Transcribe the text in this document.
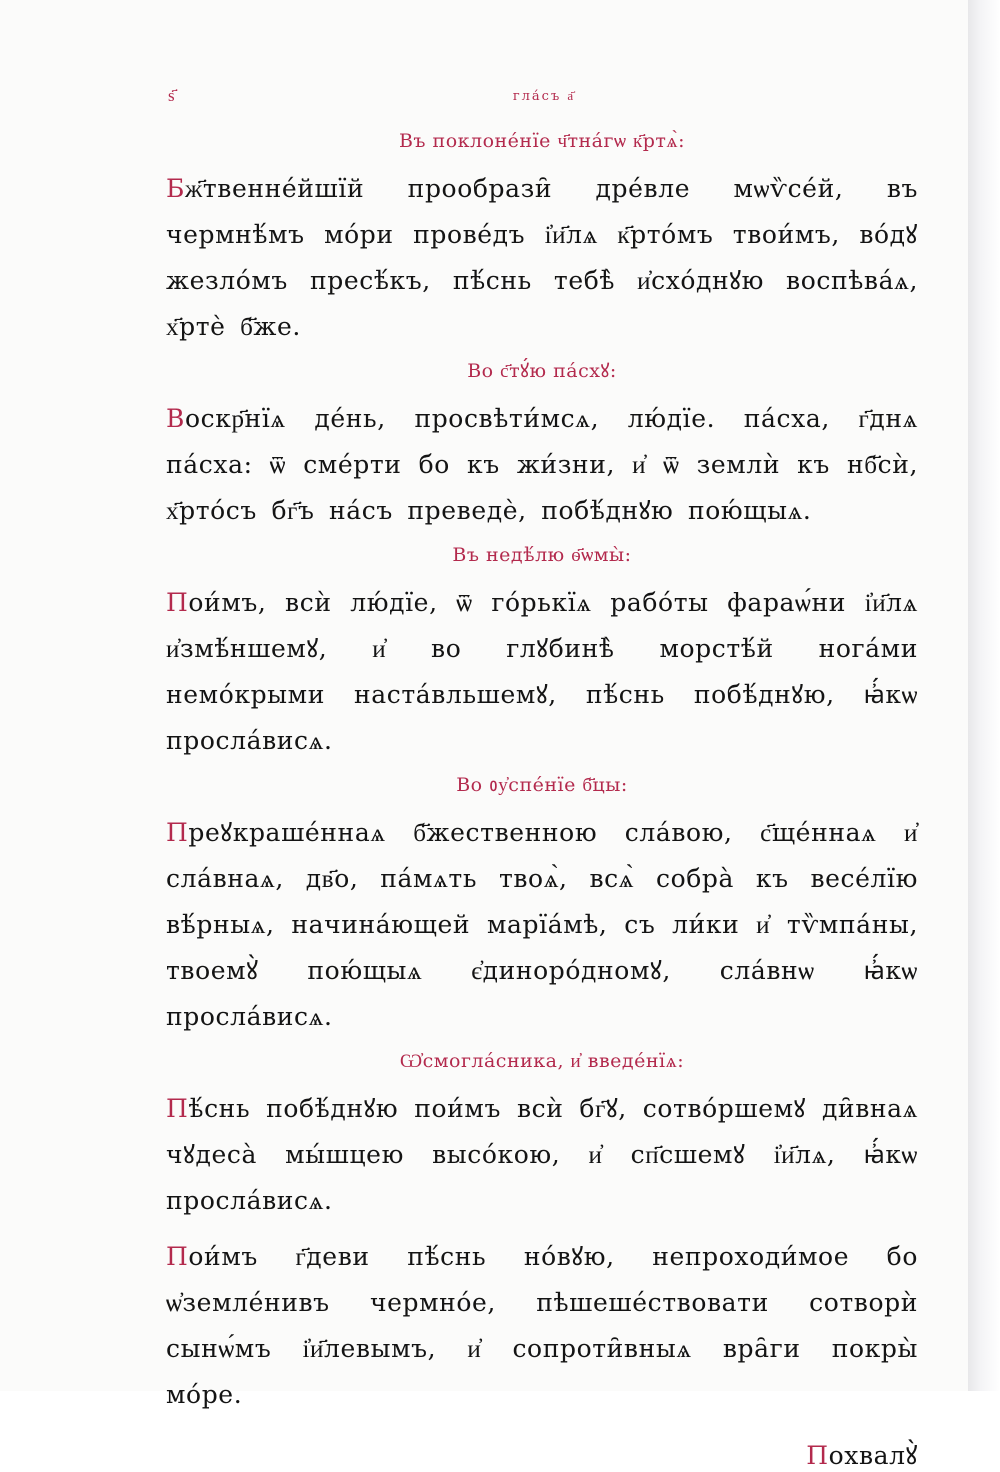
ѕ҃	гла́съ а҃
Въ поклоне́нїе ч҃тна́гѡ к҃ртѧ̀:

Бж҃твенне́йшїй прообрази̑ дре́вле мѡѷсе́й, въ чермнѣ́мъ мо́ри прове́дъ і҆и҃лѧ к҃рто́мъ твои́мъ, во́дꙋ жезло́мъ пресѣ́къ, пѣ́снь тебѣ̀ и҆схо́днꙋю воспѣва́ѧ, х҃ртѐ б҃же.

Во с҃тꙋ́ю па́схꙋ:

Воскр҃нїѧ де́нь, просвѣти́мсѧ, лю́дїе. па́сха, г҃днѧ па́сха: ѿ сме́рти бо къ жи́зни, и҆ ѿ землѝ къ нб҃сѝ, х҃рто́съ бг҃ъ на́съ преведѐ, побѣ́днꙋю пою́щыѧ.

Въ недѣ́лю ѳ҃ѡмы̀:

Пои́мъ, всѝ лю́дїе, ѿ го́рькїѧ рабо́ты фараѡ́ни і҆и҃лѧ и҆змѣ́ншемꙋ, и҆ во глꙋбинѣ̀ морстѣ́й нога́ми немо́крыми наста́вльшемꙋ, пѣ́снь побѣ́днꙋю, ꙗ҆́кѡ просла́висѧ.

Во ᲂу҆спе́нїе б҃цы:

Преꙋкраше́ннаѧ б҃жественною сла́вою, с҃ще́ннаѧ и҆ сла́внаѧ, дв҃о, па́мѧть твоѧ̀, всѧ̀ собра̀ къ весе́лїю вѣ́рныѧ, начина́ющей марїа́мѣ, съ ли́ки и҆ тѷмпа́ны, твоемꙋ̀ пою́щыѧ є҆диноро́дномꙋ, сла́внѡ ꙗ҆́кѡ просла́висѧ.

Ѡ҆смогла́сника, и҆ введе́нїѧ:

Пѣ́снь побѣ́днꙋю пои́мъ всѝ бг҃ꙋ, сотво́ршемꙋ ди̑внаѧ чꙋдеса̀ мы́шцею высо́кою, и҆ сп҃сшемꙋ і҆и҃лѧ, ꙗ҆́кѡ просла́висѧ.

Пои́мъ г҃деви пѣ́снь но́вꙋю, непроходи́мое бо ѡ҆земле́нивъ чермно́е, пѣшеше́ствовати сотворѝ сынѡ́мъ і҆и҃левымъ, и҆ сопроти̑вныѧ вра̑ги покры̀ мо́ре.

Похвалꙋ̀
